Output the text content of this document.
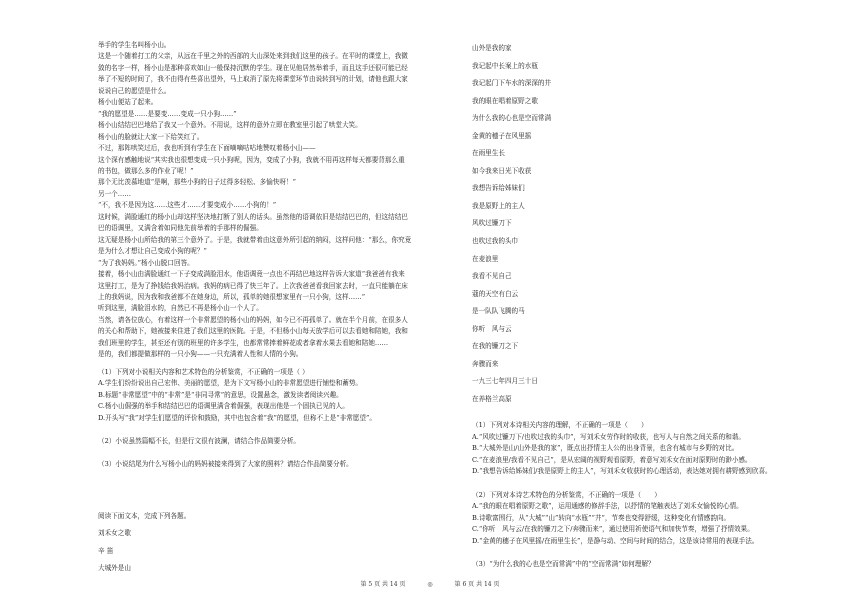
举手的学生名叫杨小山。
这是一个随着打工的父亲，从远在千里之外的西部的大山深处来到我们这里的孩子。在平时的课堂上，我微
敛的名字一样，杨小山是那种喜欢如山一般保持沉默的学生。现在见他居然举着手，而且这手还很可能已经
举了不短的时间了，我不由得有些喜出望外，马上取消了原先将课堂环节由说转到写的计划，请他也跟大家
说说自己的愿望是什么。
杨小山便站了起来。
“我的愿望是……是要变……变成一只小狗……”
杨小山结结巴巴地给了我又一个意外。不用说，这样的意外立即在教室里引起了哄堂大笑。
杨小山的脸就让大家一下给笑红了。
不过，那阵哄笑过后，我也听到有学生在下面嘀嘀咕咕地赞叹着杨小山——
这个深有感触地说“其实我也很想变成一只小狗呢，因为，变成了小狗，我就不用再这样每天都要背那么重
的书包，做那么多的作业了呢！”
那个无比羡慕地道“是啊，那些小狗的日子过得多轻松、多愉快呀！”
另一个……
“不，我不是因为这……这些才……才要变成小……小狗的！”
这时候，满脸通红的杨小山却这样坚决地打断了别人的话头。虽然他的语调依旧是结结巴巴的，但这结结巴
巴的语调里，又满含着如同他先前举着的手那样的倔强。
这无疑是杨小山所给我的第三个意外了。于是，我就带着由这意外所引起的纳闷，这样问他：“那么，你究竟
是为什么才想让自己变成小狗的呢？”
“为了我妈妈。”杨小山脱口回答。
接着，杨小山由满脸通红一下子变成满脸泪水，他语调竟一点也不再结巴地这样告诉大家道“我爸爸有我来
这里打工，是为了挣钱给我妈治病。我妈的病已得了快三年了。上次我爸爸看我回家去时，一直只能躺在床
上的我妈说，因为我和我爸都不在她身边，所以，孤单的她很想家里有一只小狗，这样……”
听到这里，满脸泪水的，自然已不再是杨小山一个人了。
当然，请各位放心，有着这样一个非常愿望的杨小山的妈妈，如今已不再孤单了。就在半个月前，在很多人
的关心和帮助下，她被接来住进了我们这里的医院。于是，不但杨小山每天放学后可以去看她和陪她，我和
我们班里的学生，甚至还有别的班里的许多学生，也都常常捧着鲜花或者拿着水果去看她和陪她……
是的，我们都提做那样的一只小狗——一只充满着人性和人情的小狗。
（1）下列对小说相关内容和艺术特色的分析鉴赏，不正确的一项是（ ）
A.学生们纷纷说出自己宏伟、美丽的愿望，是为下文写杨小山的非常愿望进行铺垫和蓄势。
B.标题“非常愿望”中的“非常”是“非同寻常”的意思，设置悬念，激发读者阅读兴趣。
C.杨小山倔强的举手和结结巴巴的语调里满含着倔强，表现出他是一个固执已见的人。
D.开头写“我”对学生们愿望的评价和鼓励，其中也包含着“我”的愿望，但称不上是“非常愿望”。
（2）小说虽然篇幅不长，但是行文很有波澜，请结合作品简要分析。
（3）小说结尾为什么写杨小山的妈妈被接来得到了大家的照料？请结合作品简要分析。
阅读下面文本，完成下列各题。
刘禾女之歌
辛 笛
大城外是山
山外是我的家
我记起中长案上的水瓶
我记起门下车水的深深的井
我的眼在唱着原野之歌
为什么我的心也是空而常满
金黄的穗子在风里摇
在雨里生长
如今我来日光下收获
我想告诉给姊妹们
我是原野上的主人
风吹过镰刀下
也吹过我的头巾
在麦浪里
我看不见自己
蔻的天空有白云
是一队队飞腾的马
你听　风与云
在我的镰刀之下
奔骤而来
一九三七年四月三十日
在养格兰高原
（1）下列对本诗相关内容的理解，不正确的一项是（　　）
A.“风吹过镰刀下/也吹过我的头巾”，写刘禾女劳作时的收获，也写人与自然之间关系的和谐。
B.“大城外是山/山外是我的家”，既点出抒情主人公的出身背景，也含有城市与乡野的对比。
C.“在麦浪里/我看不见自己”，是从宏阔的视野观看原野，着意写刘禾女在面对原野时的渺小感。
D.“我想告诉给姊妹们/我是原野上的主人”，写刘禾女收获时的心理活动，表达她对拥有耕野感到欣喜。
（2）下列对本诗艺术特色的分析鉴赏，不正确的一项是（　　）
A.“我的眼在唱着原野之歌”，运用通感的修辞手法，以抒情的笔触表达了刘禾女愉悦的心情。
B.诗歌富围行，从“大城”“山”转向“水瓶”“井”，节奏也变得舒缓，这种变化有情感韵向。
C.“你听　风与云/在我的镰刀之下/奔骤而来”，通过使用祈使语气和加快节奏，增强了抒情效果。
D.“金黄的穗子在风里摇/在雨里生长”，是静与动、空间与时间的结合，这是该诗常用的表现手法。
（3）“为什么我的心也是空而常满”中的“空而常满”如何理解？
第 5 页 共 14 页	◎	第 6 页 共 14 页
